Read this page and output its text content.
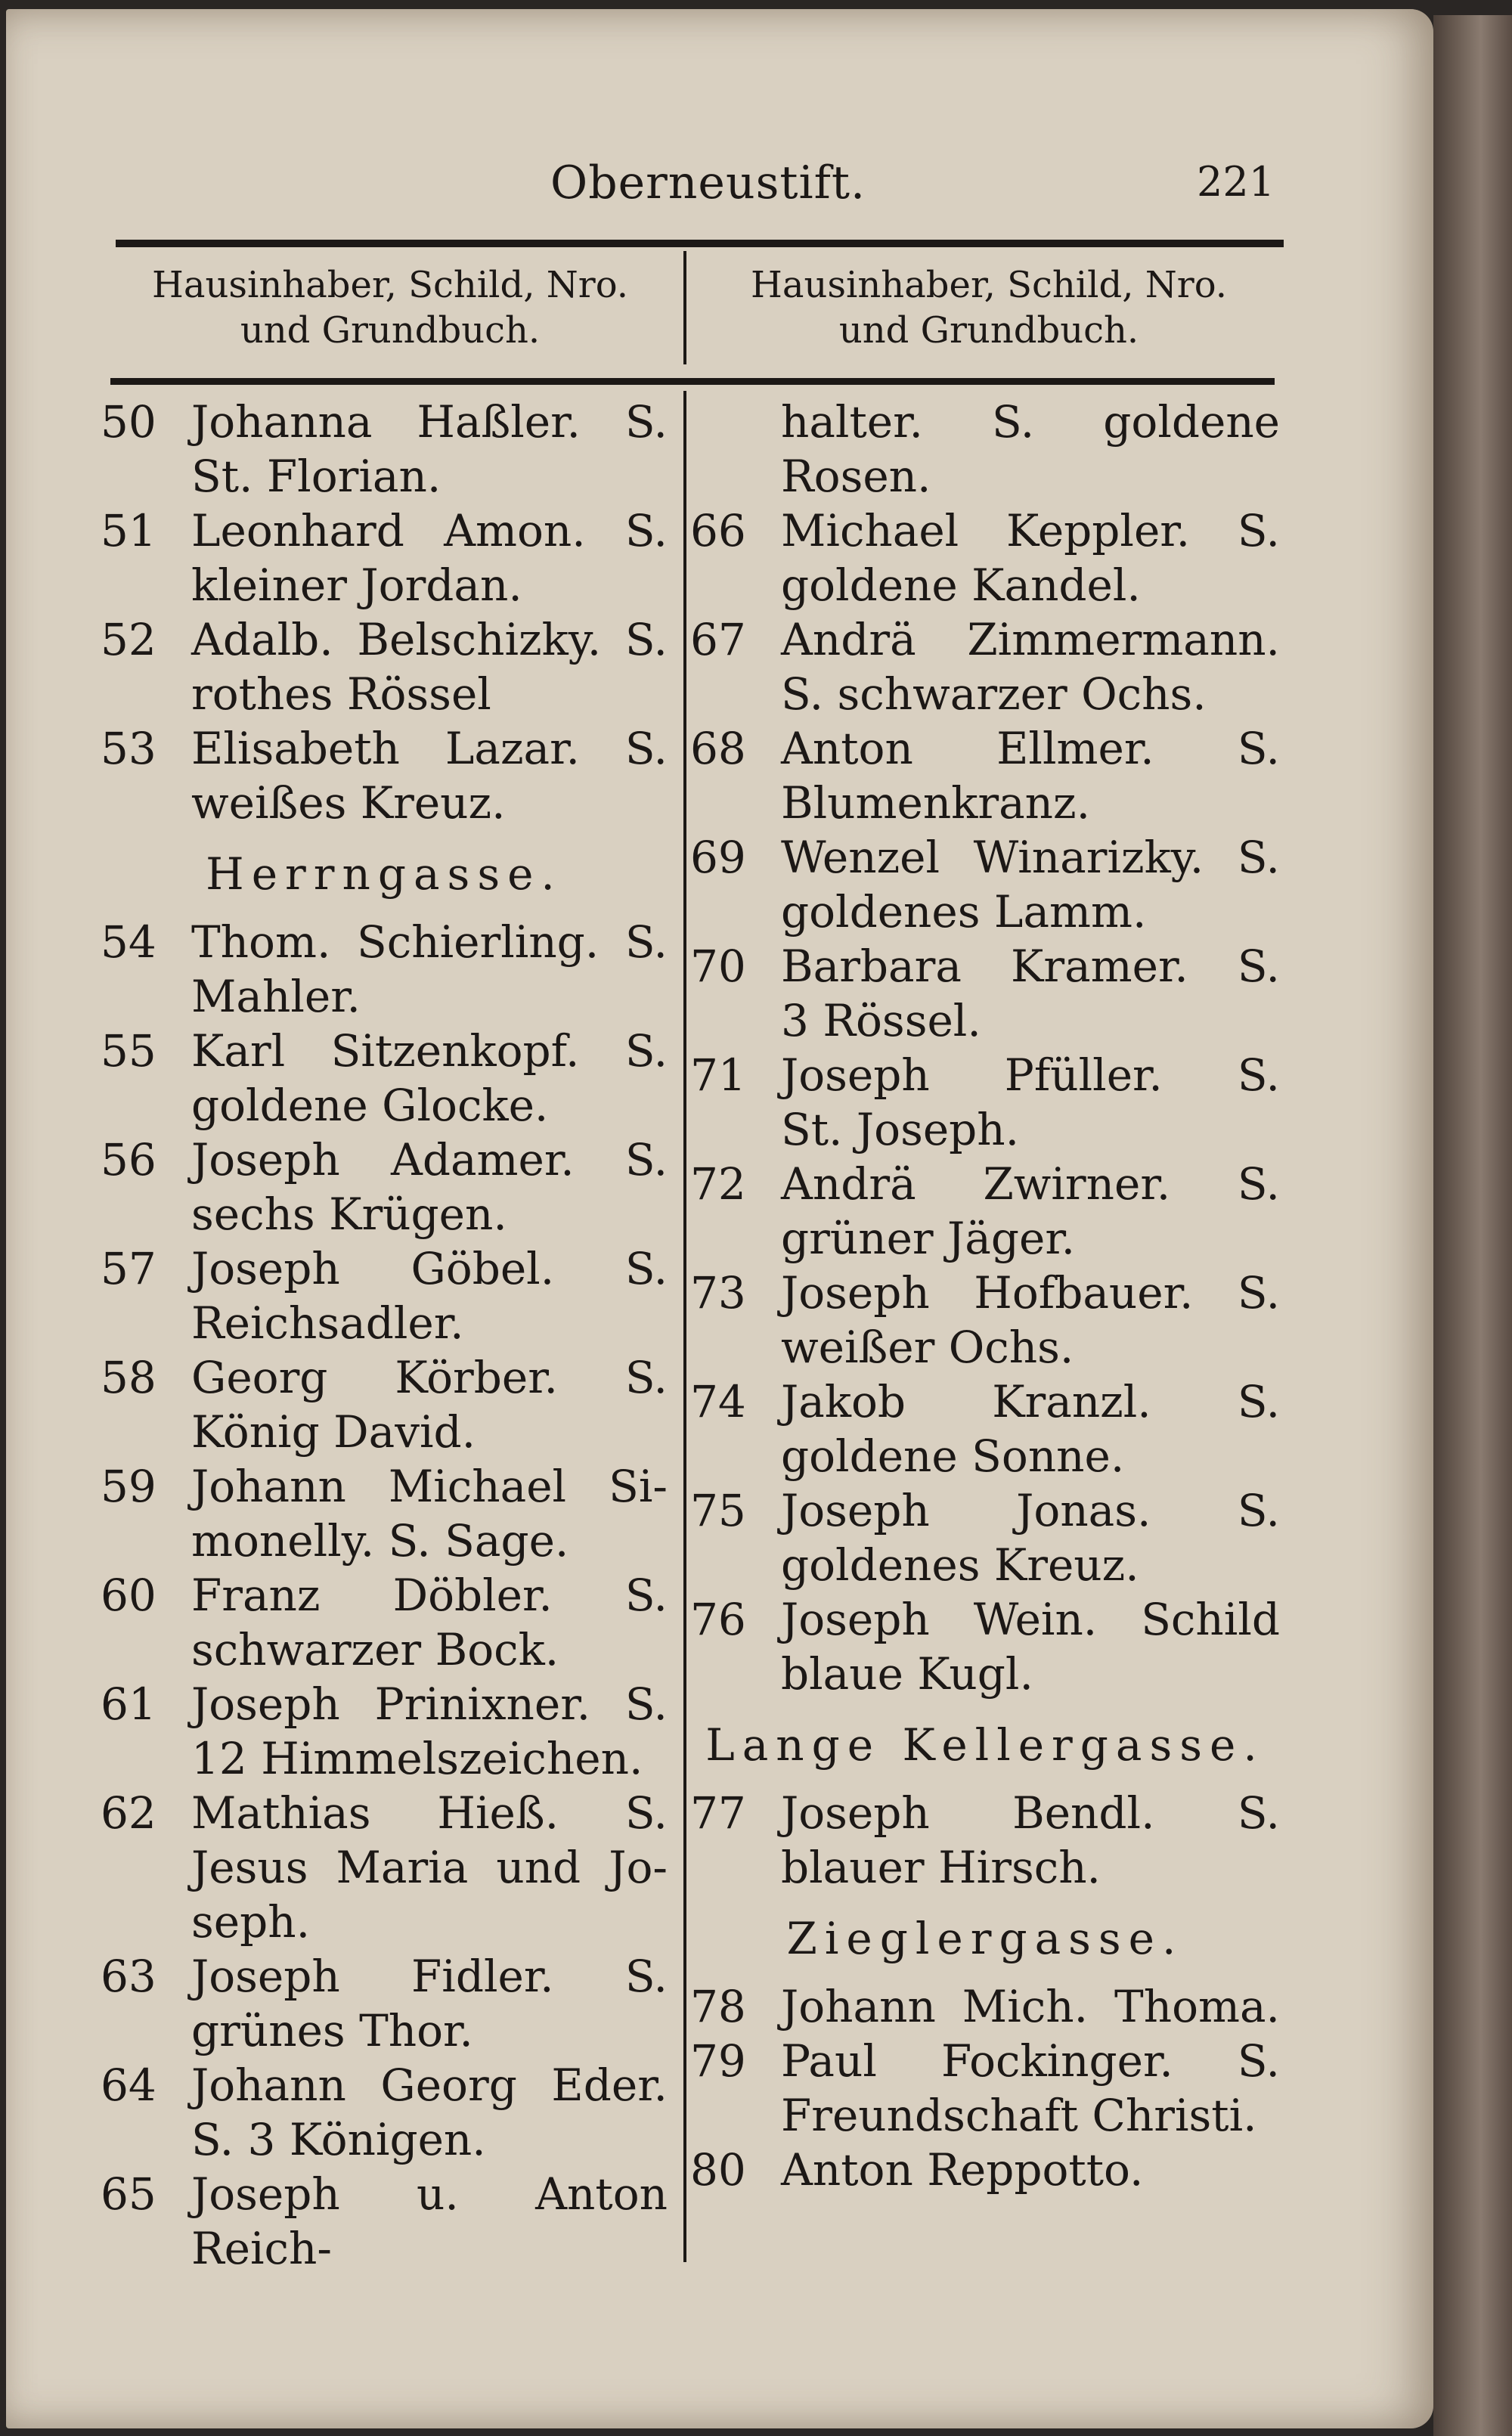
Oberneustift.	221
Hausinhaber, Schild, Nro.
und Grundbuch.
Hausinhaber, Schild, Nro.
und Grundbuch.
50 Johanna Haßler. S.
St. Florian.
51 Leonhard Amon. S.
kleiner Jordan.
52 Adalb. Belschizky. S.
rothes Rössel
53 Elisabeth Lazar. S.
weißes Kreuz.
Herrngasse.
54 Thom. Schierling. S.
Mahler.
55 Karl Sitzenkopf. S.
goldene Glocke.
56 Joseph Adamer. S.
sechs Krügen.
57 Joseph Göbel. S.
Reichsadler.
58 Georg Körber. S.
König David.
59 Johann Michael Si-
monelly. S. Sage.
60 Franz Döbler. S.
schwarzer Bock.
61 Joseph Prinixner. S.
12 Himmelszeichen.
62 Mathias Hieß. S.
Jesus Maria und Jo-
seph.
63 Joseph Fidler. S.
grünes Thor.
64 Johann Georg Eder.
S. 3 Königen.
65 Joseph u. Anton Reich-
halter. S. goldene
Rosen.
66 Michael Keppler. S.
goldene Kandel.
67 Andrä Zimmermann.
S. schwarzer Ochs.
68 Anton Ellmer. S.
Blumenkranz.
69 Wenzel Winarizky. S.
goldenes Lamm.
70 Barbara Kramer. S.
3 Rössel.
71 Joseph Pfüller. S.
St. Joseph.
72 Andrä Zwirner. S.
grüner Jäger.
73 Joseph Hofbauer. S.
weißer Ochs.
74 Jakob Kranzl. S.
goldene Sonne.
75 Joseph Jonas. S.
goldenes Kreuz.
76 Joseph Wein. Schild
blaue Kugl.
Lange Kellergasse.
77 Joseph Bendl. S.
blauer Hirsch.
Zieglergasse.
78 Johann Mich. Thoma.
79 Paul Fockinger. S.
Freundschaft Christi.
80 Anton Reppotto.
